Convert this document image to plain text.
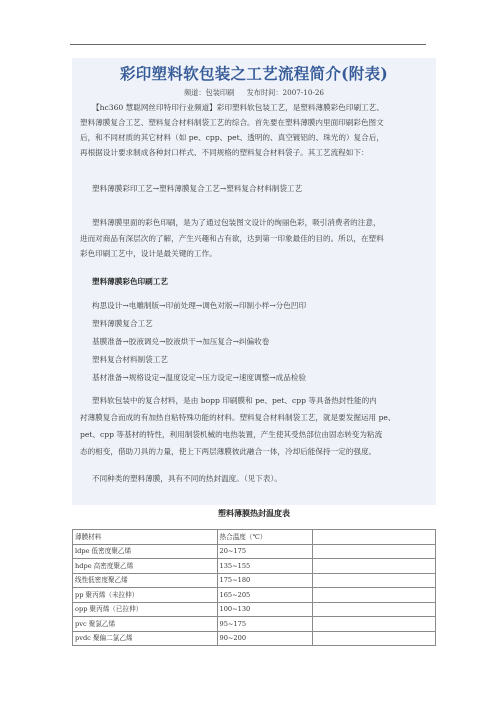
彩印塑料软包装之工艺流程简介(附表)
频道：包装印刷 发布时间：2007-10-26
【hc360 慧聪网丝印特印行业频道】彩印塑料软包装工艺，是塑料薄膜彩色印刷工艺、
塑料薄膜复合工艺、塑料复合材料制袋工艺的综合。首先要在塑料薄膜内里面印刷彩色图文
后，和不同材质的其它材料（如 pe、cpp、pet、透明的、真空镀铝的、珠光的）复合后，
再根据设计要求制成各种封口样式、不同规格的塑料复合材料袋子。其工艺流程如下：
塑料薄膜彩印工艺→塑料薄膜复合工艺→塑料复合材料制袋工艺
塑料薄膜里面的彩色印刷，是为了通过包装图文设计的绚丽色彩，吸引消费者的注意，
进而对商品有深层次的了解，产生兴趣和占有欲，达到第一印象最佳的目的。所以，在塑料
彩色印刷工艺中，设计是最关键的工作。
塑料薄膜彩色印刷工艺
构思设计→电雕制版→印前处理→调色对版→印制小样→分色凹印
塑料薄膜复合工艺
基膜准备→胶液调兑→胶液烘干→加压复合→纠偏收卷
塑料复合材料制袋工艺
基材准备→规格设定→温度设定→压力设定→速度调整→成品检验
塑料软包装中的复合材料，是由 bopp 印刷膜和 pe、pet、cpp 等具备热封性能的内
衬薄膜复合而成的有加热自粘特殊功能的材料。塑料复合材料制袋工艺，就是要发掘运用 pe、
pet、cpp 等基材的特性，利用制袋机械的电热装置，产生使其受热部位由固态转变为粘流
态的相变，借助刀具的力量，使上下两层薄膜彼此融合一体，冷却后能保持一定的强度。
不同种类的塑料薄膜，具有不同的热封温度。（见下表）。
塑料薄膜热封温度表
薄膜材料	热合温度（℃）	
ldpe 低密度聚乙烯	20~175	
hdpe 高密度聚乙烯	135~155	
线性低密度聚乙烯	175~180	
pp 聚丙烯（未拉伸）	165~205	
opp 聚丙烯（已拉伸）	100~130	
pvc 聚氯乙烯	95~175	
pvdc 聚偏二氯乙烯	90~200	
